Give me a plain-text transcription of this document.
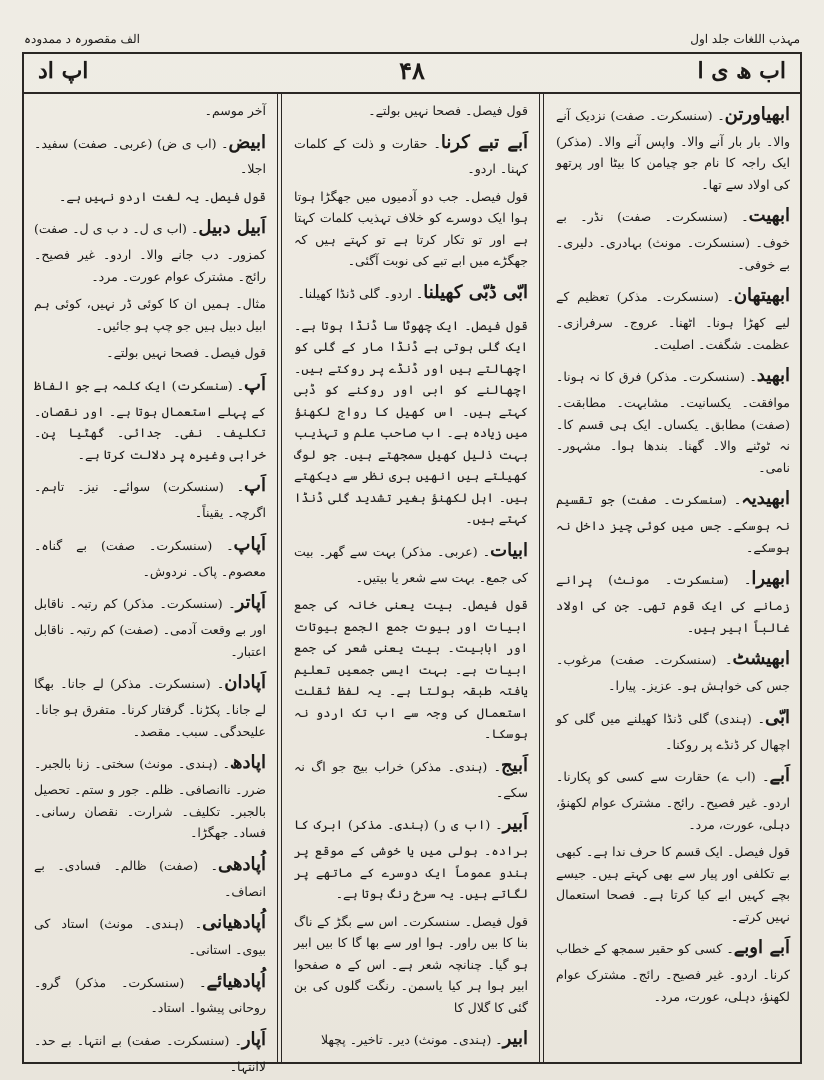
مہذب اللغات جلد اول
الف مقصورہ د ممدودہ
اب ھ ی ا
۴۸
اپ اد

ابھیاورتن۔ (سنسکرت۔ صفت) نزدیک آنے والا۔ بار بار آنے والا۔ واپس آنے والا۔ (مذکر) ایک راجہ کا نام جو چیامن کا بیٹا اور پرتھو کی اولاد سے تھا۔

ابھیت۔ (سنسکرت۔ صفت) نڈر۔ بے خوف۔ (سنسکرت۔ مونث) بہادری۔ دلیری۔ بے خوفی۔

ابھیتھان۔ (سنسکرت۔ مذکر) تعظیم کے لیے کھڑا ہونا۔ اٹھنا۔ عروج۔ سرفرازی۔ عظمت۔ شگفت۔ اصلیت۔

ابھید۔ (سنسکرت۔ مذکر) فرق کا نہ ہونا۔ موافقت۔ یکسانیت۔ مشابہت۔ مطابقت۔ (صفت) مطابق۔ یکساں۔ ایک ہی قسم کا۔ نہ ٹوٹنے والا۔ گھنا۔ بندھا ہوا۔ مشہور۔ نامی۔

ابھیدیہ۔ (سنسکرت۔ صفت) جو تقسیم نہ ہوسکے۔ جس میں کوئی چیز داخل نہ ہوسکے۔

ابھیرا۔ (سنسکرت۔ مونث) پرانے زمانے کی ایک قوم تھی۔ جن کی اولاد غالباً اہیر ہیں۔

ابھیشٹ۔ (سنسکرت۔ صفت) مرغوب۔ جس کی خواہش ہو۔ عزیز۔ پیارا۔

ابّی۔ (ہندی) گلی ڈنڈا کھیلنے میں گلی کو اچھال کر ڈنڈے پر روکنا۔

اَبے۔ (اب ے) حقارت سے کسی کو پکارنا۔ اردو۔ غیر فصیح۔ رائج۔ مشترک عوام لکھنؤ، دہلی، عورت، مرد۔

قول فیصل۔ ایک قسم کا حرف ندا ہے۔ کبھی بے تکلفی اور پیار سے بھی کہتے ہیں۔ جیسے بچے کہیں ابے کیا کرتا ہے۔ فصحا استعمال نہیں کرتے۔

اَبے اوبے۔ کسی کو حقیر سمجھ کے خطاب کرنا۔ اردو۔ غیر فصیح۔ رائج۔ مشترک عوام لکھنؤ، دہلی، عورت، مرد۔

قول فیصل۔ فصحا نہیں بولتے۔

اَبے تبے کرنا۔ حقارت و ذلت کے کلمات کہنا۔ اردو۔

قول فیصل۔ جب دو آدمیوں میں جھگڑا ہوتا ہوا ایک دوسرے کو خلاف تہذیب کلمات کہتا ہے اور تو تکار کرتا ہے تو کہتے ہیں کہ جھگڑے میں ابے تبے کی نوبت آگئی۔

ابّی ڈبّی کھیلنا۔ اردو۔ گلی ڈنڈا کھیلنا۔

قول فیصل۔ ایک چھوٹا سا ڈنڈا ہوتا ہے۔ ایک گلی ہوتی ہے ڈنڈا مار کے گلی کو اچھالتے ہیں اور ڈنڈے پر روکتے ہیں۔ اچھالنے کو ابی اور روکنے کو ڈبی کہتے ہیں۔ اس کھیل کا رواج لکھنؤ میں زیادہ ہے۔ اب صاحب علم و تہذیب بہت ذلیل کھیل سمجھتے ہیں۔ جو لوگ کھیلتے ہیں انھیں بری نظر سے دیکھتے ہیں۔ اہل لکھنؤ بغیر تشدید گلی ڈنڈا کہتے ہیں۔

ابیات۔ (عربی۔ مذکر) بہت سے گھر۔ بیت کی جمع۔ بہت سے شعر یا بیتیں۔

قول فیصل۔ بیت یعنی خانہ کی جمع ابیات اور بیوت جمع الجمع بیوتات اور ابابیت۔ بیت یعنی شعر کی جمع ابیات ہے۔ بہت ایسی جمعیں تعلیم یافتہ طبقہ بولتا ہے۔ یہ لفظ ثقلت استعمال کی وجہ سے اب تک اردو نہ ہوسکا۔

اَبیج۔ (ہندی۔ مذکر) خراب بیج جو اگ نہ سکے۔

اَبیر۔ (اب ی ر) (ہندی۔ مذکر) ابرک کا برادہ۔ ہولی میں یا خوشی کے موقع پر ہندو عموماً ایک دوسرے کے ماتھے پر لگاتے ہیں۔ یہ سرخ رنگ ہوتا ہے۔

قول فیصل۔ سنسکرت۔ اس سے بگڑ کے ناگ بنا کا بیں راور۔ ہوا اور سے بھا گا کا بیں ابیر ہو گیا۔ چنانچہ شعر ہے۔ اس کے ہ صفحوا ابیر ہوا ہر کیا یاسمن۔ رنگت گلوں کی بن گئی کا گلال کا

ابیر۔ (ہندی۔ مونث) دیر۔ تاخیر۔ پچھلا

آخر موسم۔

ابیض۔ (اب ی ض) (عربی۔ صفت) سفید۔ اجلا۔

قول فیصل۔ یہ لغت اردو نہیں ہے۔

اَبیل دبیل۔ (اب ی ل۔ د ب ی ل۔ صفت) کمزور۔ دب جانے والا۔ اردو۔ غیر فصیح۔ رائج۔ مشترک عوام عورت۔ مرد۔

مثال۔ ہمیں ان کا کوئی ڈر نہیں، کوئی ہم ابیل دبیل ہیں جو چپ ہو جائیں۔

قول فیصل۔ فصحا نہیں بولتے۔

اَپ۔ (سنسکرت) ایک کلمہ ہے جو الفاظ کے پہلے استعمال ہوتا ہے۔ اور نقصان۔ تکلیف۔ نفی۔ جدائی۔ گھٹیا پن۔ خرابی وغیرہ پر دلالت کرتا ہے۔

اَپ۔ (سنسکرت) سوائے۔ نیز۔ تاہم۔ اگرچہ۔ یقیناً۔

اَپاپ۔ (سنسکرت۔ صفت) بے گناہ۔ معصوم۔ پاک۔ نردوش۔

اَپاتر۔ (سنسکرت۔ مذکر) کم رتبہ۔ ناقابل اور بے وقعت آدمی۔ (صفت) کم رتبہ۔ ناقابل اعتبار۔

اَپادان۔ (سنسکرت۔ مذکر) لے جانا۔ بھگا لے جانا۔ پکڑنا۔ گرفتار کرنا۔ متفرق ہو جانا۔ علیحدگی۔ سبب۔ مقصد۔

اپادھ۔ (ہندی۔ مونث) سختی۔ زنا بالجبر۔ ضرر۔ ناانصافی۔ ظلم۔ جور و ستم۔ تحصیل بالجبر۔ تکلیف۔ شرارت۔ نقصان رسانی۔ فساد۔ جھگڑا۔

اُپادھی۔ (صفت) ظالم۔ فسادی۔ بے انصاف۔

اُپادھیانی۔ (ہندی۔ مونث) استاد کی بیوی۔ استانی۔

اُپادھیائے۔ (سنسکرت۔ مذکر) گرو۔ روحانی پیشوا۔ استاد۔

اَپار۔ (سنسکرت۔ صفت) بے انتہا۔ بے حد۔ لاانتہا۔
